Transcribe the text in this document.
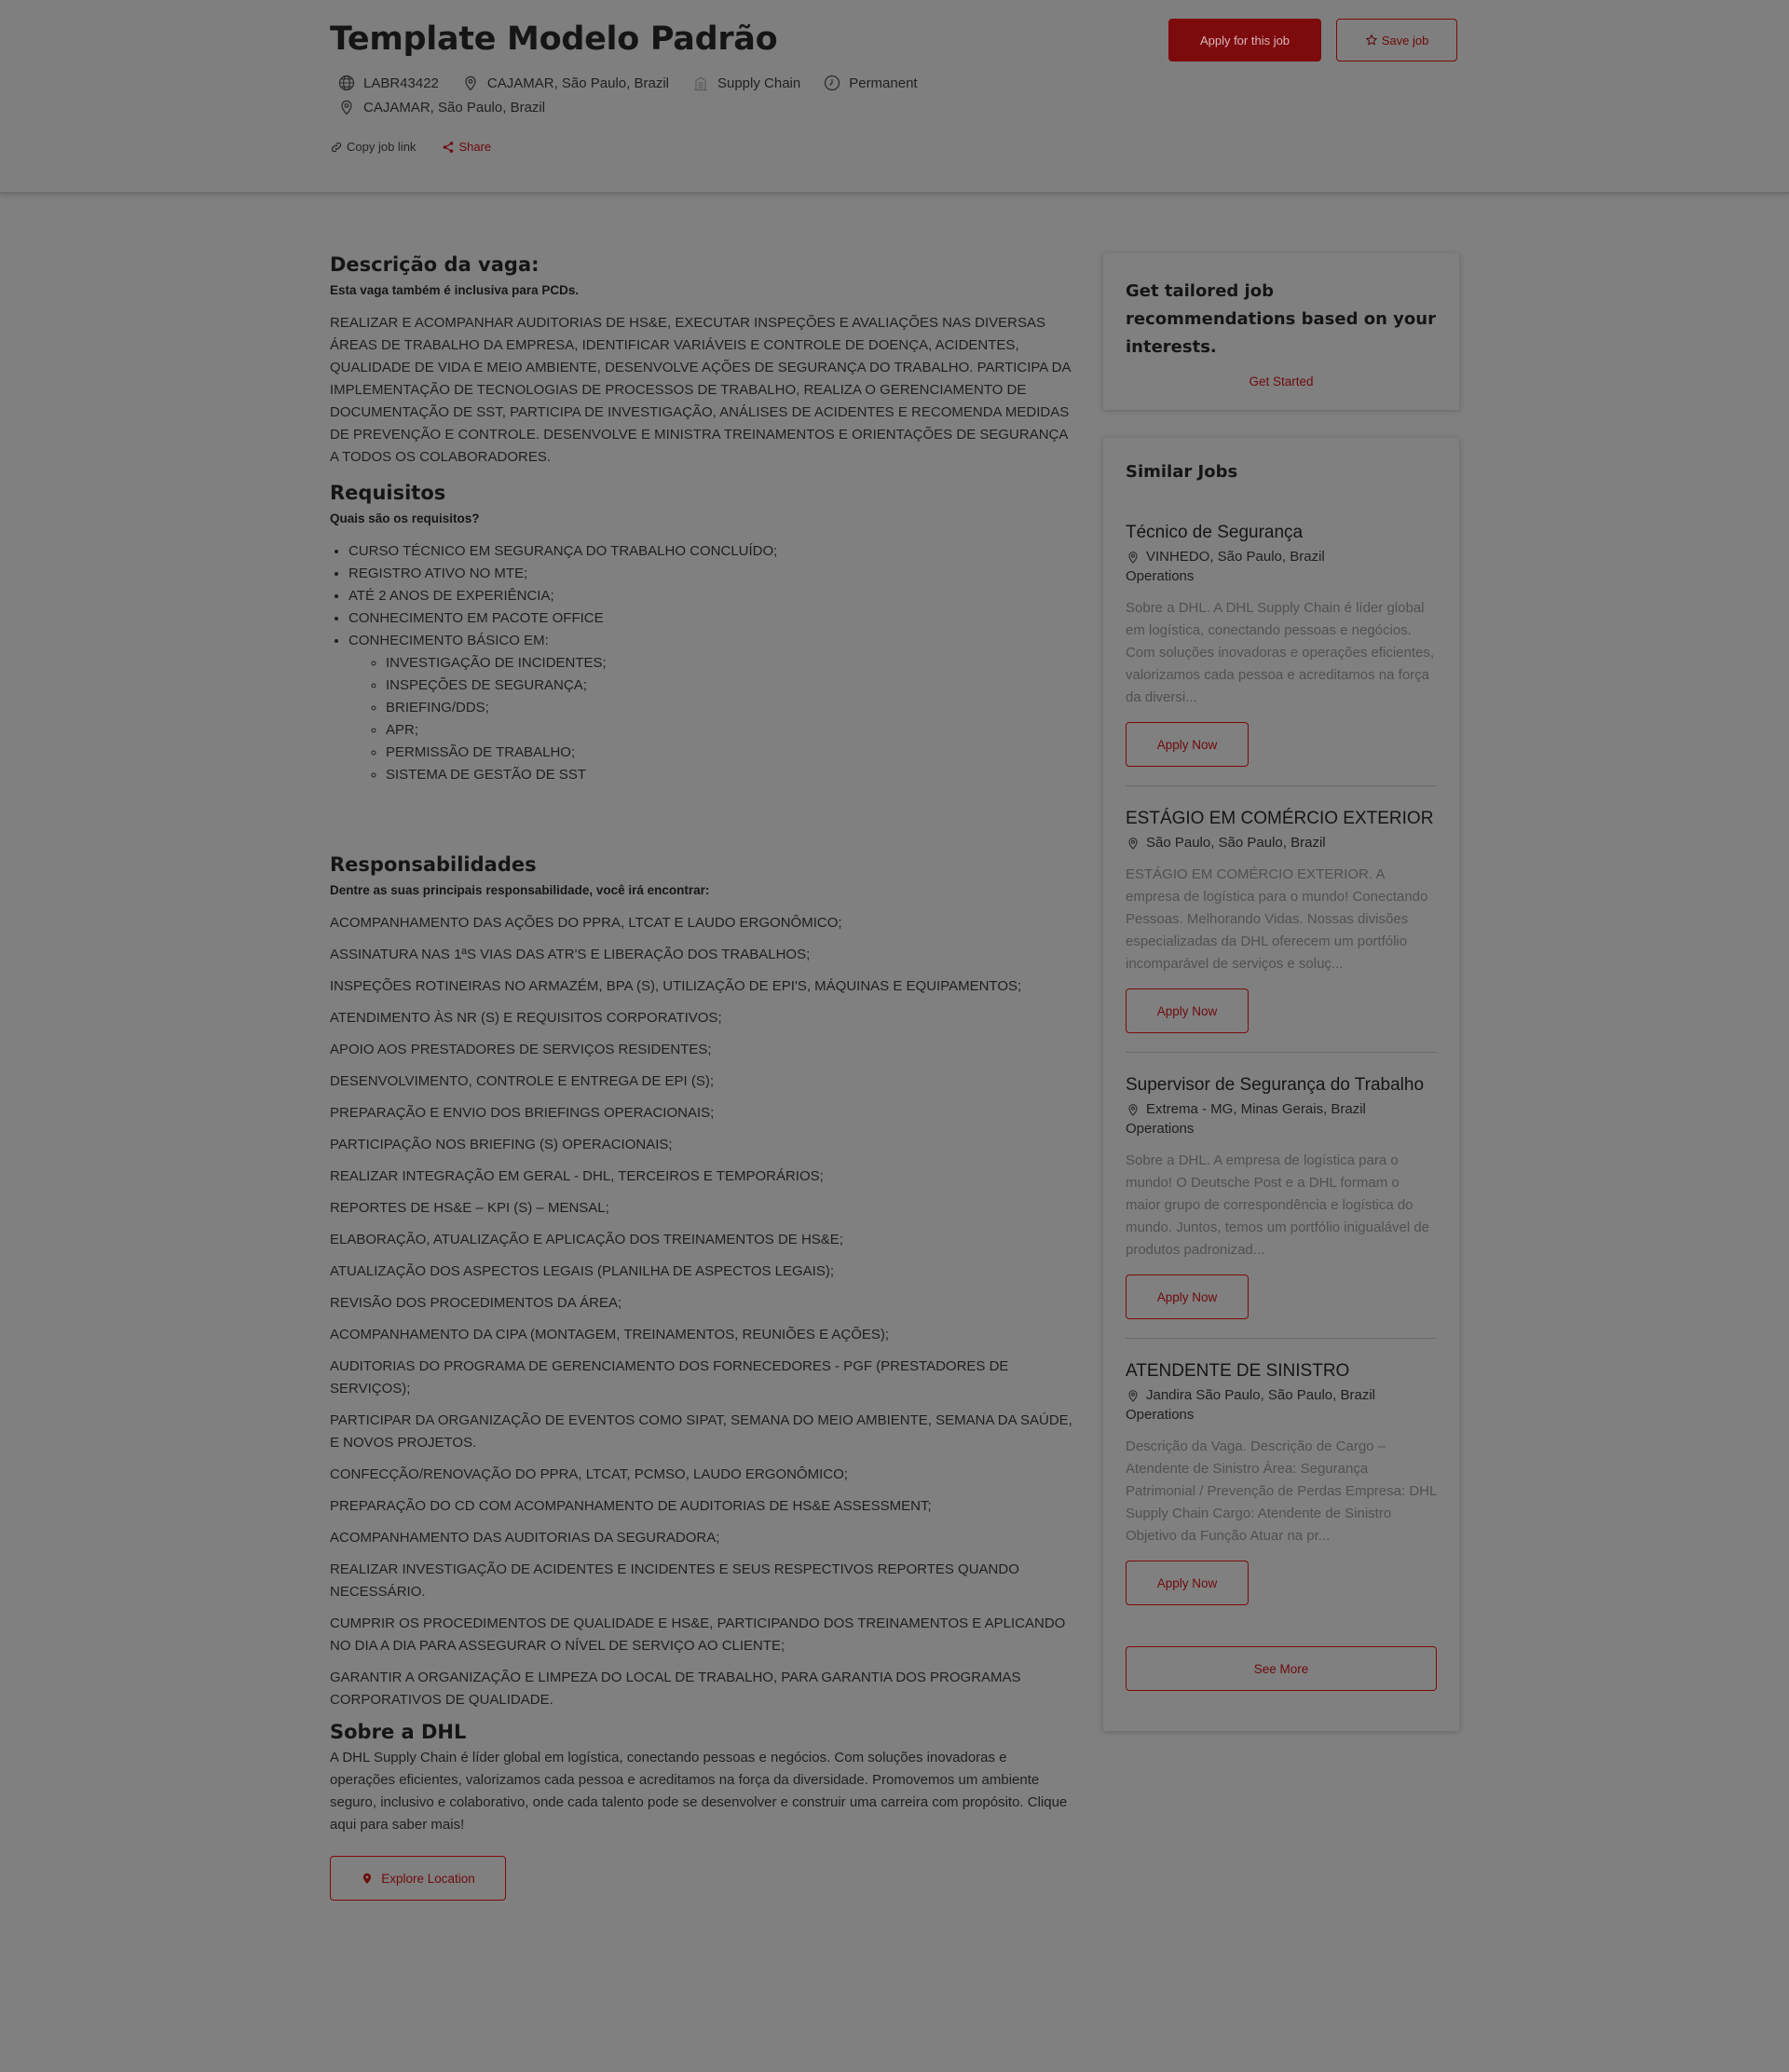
Template Modelo Padrão	Apply for this job	Save job
LABR43422	CAJAMAR, São Paulo, Brazil	Supply Chain	Permanent
CAJAMAR, São Paulo, Brazil
Copy job link	Share
Descrição da vaga:

Esta vaga também é inclusiva para PCDs.

REALIZAR E ACOMPANHAR AUDITORIAS DE HS&E, EXECUTAR INSPEÇÕES E AVALIAÇÕES NAS DIVERSAS ÁREAS DE TRABALHO DA EMPRESA, IDENTIFICAR VARIÁVEIS E CONTROLE DE DOENÇA, ACIDENTES, QUALIDADE DE VIDA E MEIO AMBIENTE, DESENVOLVE AÇÕES DE SEGURANÇA DO TRABALHO. PARTICIPA DA IMPLEMENTAÇÃO DE TECNOLOGIAS DE PROCESSOS DE TRABALHO, REALIZA O GERENCIAMENTO DE DOCUMENTAÇÃO DE SST, PARTICIPA DE INVESTIGAÇÃO, ANÁLISES DE ACIDENTES E RECOMENDA MEDIDAS DE PREVENÇÃO E CONTROLE. DESENVOLVE E MINISTRA TREINAMENTOS E ORIENTAÇÕES DE SEGURANÇA A TODOS OS COLABORADORES.

Requisitos

Quais são os requisitos?

• CURSO TÉCNICO EM SEGURANÇA DO TRABALHO CONCLUÍDO;
• REGISTRO ATIVO NO MTE;
• ATÉ 2 ANOS DE EXPERIÊNCIA;
• CONHECIMENTO EM PACOTE OFFICE
• CONHECIMENTO BÁSICO EM:
◦ INVESTIGAÇÃO DE INCIDENTES;
◦ INSPEÇÕES DE SEGURANÇA;
◦ BRIEFING/DDS;
◦ APR;
◦ PERMISSÃO DE TRABALHO;
◦ SISTEMA DE GESTÃO DE SST
Responsabilidades

Dentre as suas principais responsabilidade, você irá encontrar:

ACOMPANHAMENTO DAS AÇÕES DO PPRA, LTCAT E LAUDO ERGONÔMICO;

ASSINATURA NAS 1ªS VIAS DAS ATR'S E LIBERAÇÃO DOS TRABALHOS;

INSPEÇÕES ROTINEIRAS NO ARMAZÉM, BPA (S), UTILIZAÇÃO DE EPI'S, MÁQUINAS E EQUIPAMENTOS;

ATENDIMENTO ÀS NR (S) E REQUISITOS CORPORATIVOS;

APOIO AOS PRESTADORES DE SERVIÇOS RESIDENTES;

DESENVOLVIMENTO, CONTROLE E ENTREGA DE EPI (S);

PREPARAÇÃO E ENVIO DOS BRIEFINGS OPERACIONAIS;

PARTICIPAÇÃO NOS BRIEFING (S) OPERACIONAIS;

REALIZAR INTEGRAÇÃO EM GERAL - DHL, TERCEIROS E TEMPORÁRIOS;

REPORTES DE HS&E – KPI (S) – MENSAL;

ELABORAÇÃO, ATUALIZAÇÃO E APLICAÇÃO DOS TREINAMENTOS DE HS&E;

ATUALIZAÇÃO DOS ASPECTOS LEGAIS (PLANILHA DE ASPECTOS LEGAIS);

REVISÃO DOS PROCEDIMENTOS DA ÁREA;

ACOMPANHAMENTO DA CIPA (MONTAGEM, TREINAMENTOS, REUNIÕES E AÇÕES);

AUDITORIAS DO PROGRAMA DE GERENCIAMENTO DOS FORNECEDORES - PGF (PRESTADORES DE SERVIÇOS);

PARTICIPAR DA ORGANIZAÇÃO DE EVENTOS COMO SIPAT, SEMANA DO MEIO AMBIENTE, SEMANA DA SAÚDE, E NOVOS PROJETOS.

CONFECÇÃO/RENOVAÇÃO DO PPRA, LTCAT, PCMSO, LAUDO ERGONÔMICO;

PREPARAÇÃO DO CD COM ACOMPANHAMENTO DE AUDITORIAS DE HS&E ASSESSMENT;

ACOMPANHAMENTO DAS AUDITORIAS DA SEGURADORA;

REALIZAR INVESTIGAÇÃO DE ACIDENTES E INCIDENTES E SEUS RESPECTIVOS REPORTES QUANDO NECESSÁRIO.

CUMPRIR OS PROCEDIMENTOS DE QUALIDADE E HS&E, PARTICIPANDO DOS TREINAMENTOS E APLICANDO NO DIA A DIA PARA ASSEGURAR O NÍVEL DE SERVIÇO AO CLIENTE;

GARANTIR A ORGANIZAÇÃO E LIMPEZA DO LOCAL DE TRABALHO, PARA GARANTIA DOS PROGRAMAS CORPORATIVOS DE QUALIDADE.

Sobre a DHL

A DHL Supply Chain é líder global em logística, conectando pessoas e negócios. Com soluções inovadoras e operações eficientes, valorizamos cada pessoa e acreditamos na força da diversidade. Promovemos um ambiente seguro, inclusivo e colaborativo, onde cada talento pode se desenvolver e construir uma carreira com propósito. Clique aqui para saber mais!

Explore Location

Get tailored job recommendations based on your interests.

Get Started
Similar Jobs

Técnico de Segurança

VINHEDO, São Paulo, Brazil
Operations
Sobre a DHL. A DHL Supply Chain é líder global em logística, conectando pessoas e negócios. Com soluções inovadoras e operações eficientes, valorizamos cada pessoa e acreditamos na força da diversi...
Apply Now

ESTÁGIO EM COMÉRCIO EXTERIOR

São Paulo, São Paulo, Brazil
ESTÁGIO EM COMÉRCIO EXTERIOR. A empresa de logística para o mundo! Conectando Pessoas. Melhorando Vidas. Nossas divisões especializadas da DHL oferecem um portfólio incomparável de serviços e soluç...
Apply Now

Supervisor de Segurança do Trabalho

Extrema - MG, Minas Gerais, Brazil
Operations
Sobre a DHL. A empresa de logística para o mundo! O Deutsche Post e a DHL formam o maior grupo de correspondência e logística do mundo. Juntos, temos um portfólio inigualável de produtos padronizad...
Apply Now

ATENDENTE DE SINISTRO

Jandira São Paulo, São Paulo, Brazil
Operations
Descrição da Vaga. Descrição de Cargo – Atendente de Sinistro Área: Segurança Patrimonial / Prevenção de Perdas Empresa: DHL Supply Chain Cargo: Atendente de Sinistro Objetivo da Função Atuar na pr...
Apply Now
See More
